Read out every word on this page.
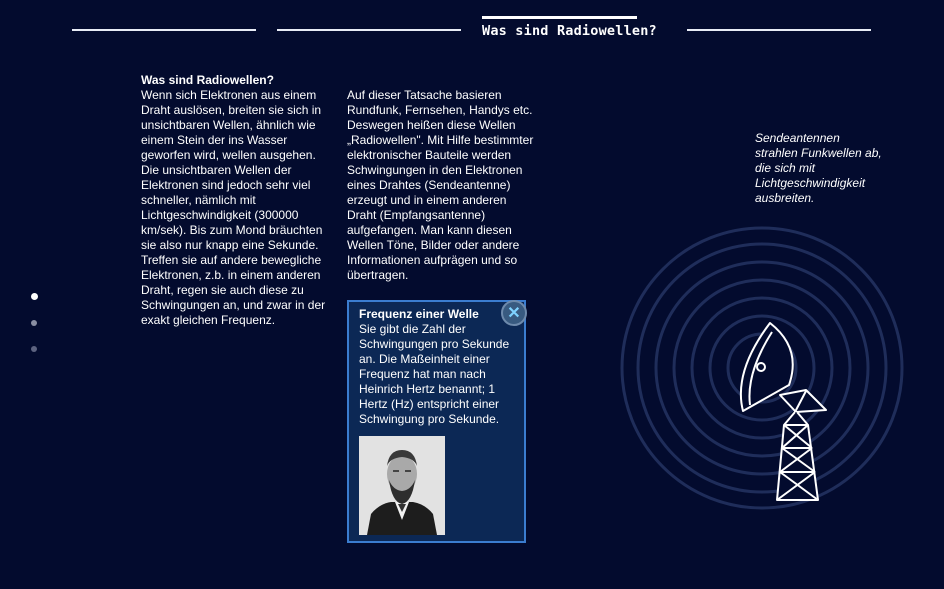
Was sind Radiowellen?
Was sind Radiowellen?
Wenn sich Elektronen aus einem Draht auslösen, breiten sie sich in unsichtbaren Wellen, ähnlich wie einem Stein der ins Wasser geworfen wird, wellen ausgehen. Die unsichtbaren Wellen der Elektronen sind jedoch sehr viel schneller, nämlich mit Lichtgeschwindigkeit (300000 km/sek). Bis zum Mond bräuchten sie also nur knapp eine Sekunde. Treffen sie auf andere bewegliche Elektronen, z.b. in einem anderen Draht, regen sie auch diese zu Schwingungen an, und zwar in der exakt gleichen Frequenz.
Auf dieser Tatsache basieren Rundfunk, Fernsehen, Handys etc. Deswegen heißen diese Wellen „Radiowellen". Mit Hilfe bestimmter elektronischer Bauteile werden Schwingungen in den Elektronen eines Drahtes (Sendeantenne) erzeugt und in einem anderen Draht (Empfangsantenne) aufgefangen. Man kann diesen Wellen Töne, Bilder oder andere Informationen aufprägen und so übertragen.
Frequenz einer Welle
Sie gibt die Zahl der Schwingungen pro Sekunde an. Die Maßeinheit einer Frequenz hat man nach Heinrich Hertz benannt; 1 Hertz (Hz) entspricht einer Schwingung pro Sekunde.
✕
Sendeantennen strahlen Funkwellen ab, die sich mit Lichtgeschwindigkeit ausbreiten.
